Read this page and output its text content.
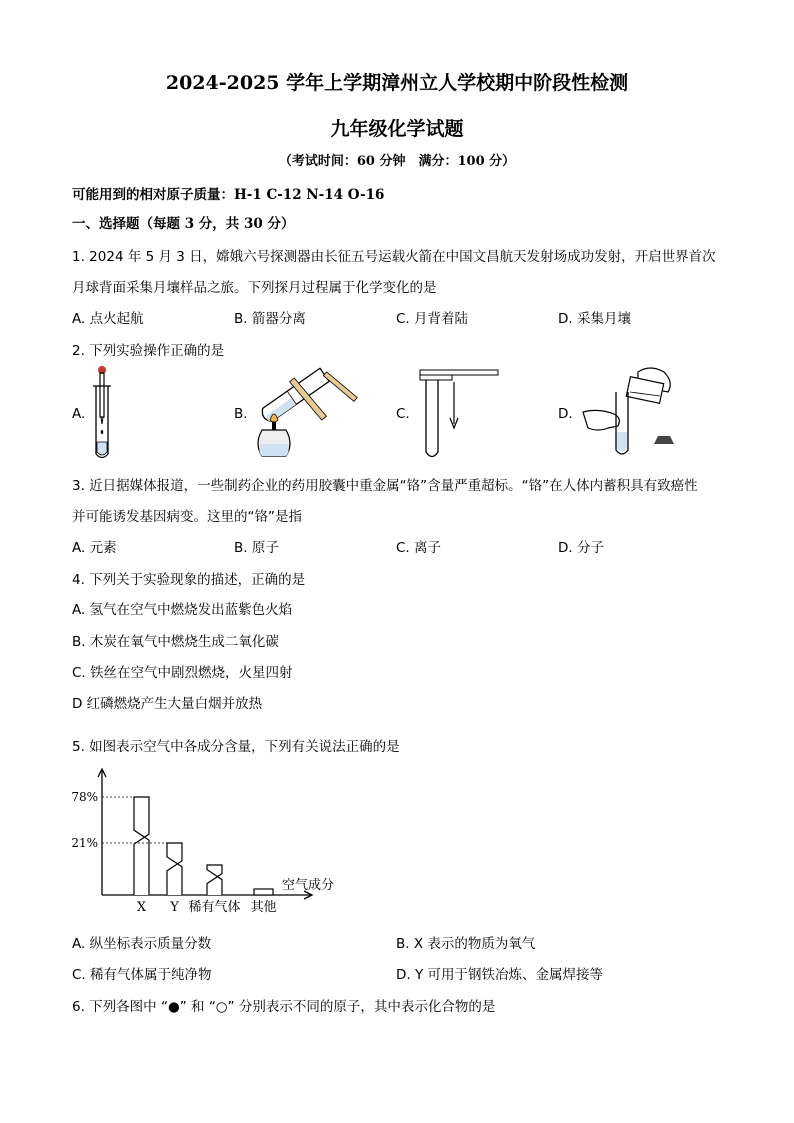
2024-2025 学年上学期漳州立人学校期中阶段性检测
九年级化学试题
（考试时间：60 分钟　满分：100 分）
可能用到的相对原子质量：H-1 C-12 N-14 O-16
一、选择题（每题 3 分，共 30 分）
1. 2024 年 5 月 3 日，嫦娥六号探测器由长征五号运载火箭在中国文昌航天发射场成功发射，开启世界首次
月球背面采集月壤样品之旅。下列探月过程属于化学变化的是
A. 点火起航	B. 箭器分离	C. 月背着陆	D. 采集月壤
2. 下列实验操作正确的是
A.	B.	C.	D.
3. 近日据媒体报道，一些制药企业的药用胶囊中重金属“铬”含量严重超标。“铬”在人体内蓄积具有致癌性
并可能诱发基因病变。这里的“铬”是指
A. 元素	B. 原子	C. 离子	D. 分子
4. 下列关于实验现象的描述，正确的是
A. 氢气在空气中燃烧发出蓝紫色火焰
B. 木炭在氧气中燃烧生成二氧化碳
C. 铁丝在空气中剧烈燃烧，火星四射
D 红磷燃烧产生大量白烟并放热
5. 如图表示空气中各成分含量，下列有关说法正确的是
X Y 稀有气体 其他
78%
21%
空气成分
A. 纵坐标表示质量分数	B. X 表示的物质为氧气
C. 稀有气体属于纯净物	D. Y 可用于钢铁冶炼、金属焊接等
6. 下列各图中 “●” 和 “○” 分别表示不同的原子，其中表示化合物的是
